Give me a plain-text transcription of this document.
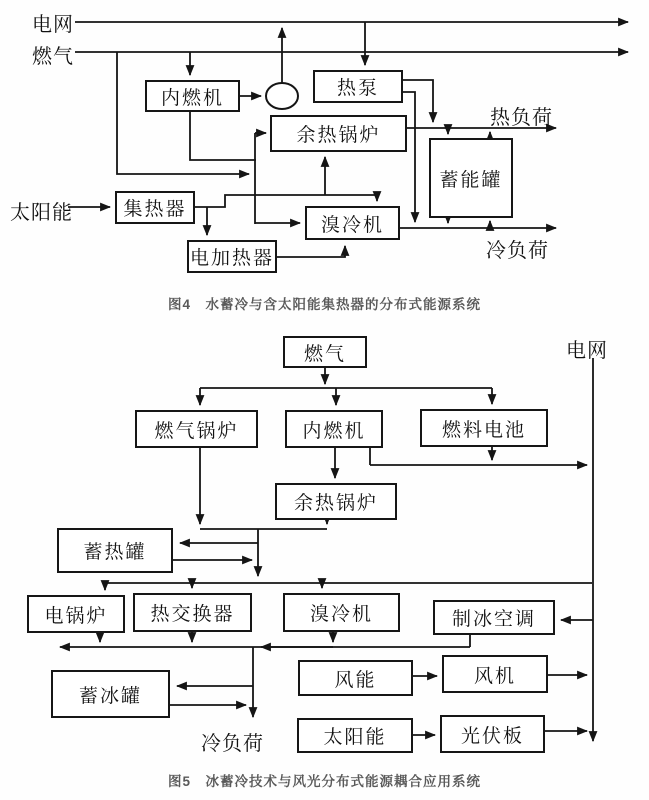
电网
燃气
太阳能
热负荷
冷负荷
内燃机	热泵
余热锅炉
集热器
电加热器
溴冷机
蓄能罐
图4　水蓄冷与含太阳能集热器的分布式能源系统
电网
冷负荷
燃气
燃气锅炉	内燃机	燃料电池
余热锅炉
蓄热罐
电锅炉	热交换器	溴冷机	制冰空调
蓄冰罐
风能	风机
太阳能	光伏板
图5　冰蓄冷技术与风光分布式能源耦合应用系统
